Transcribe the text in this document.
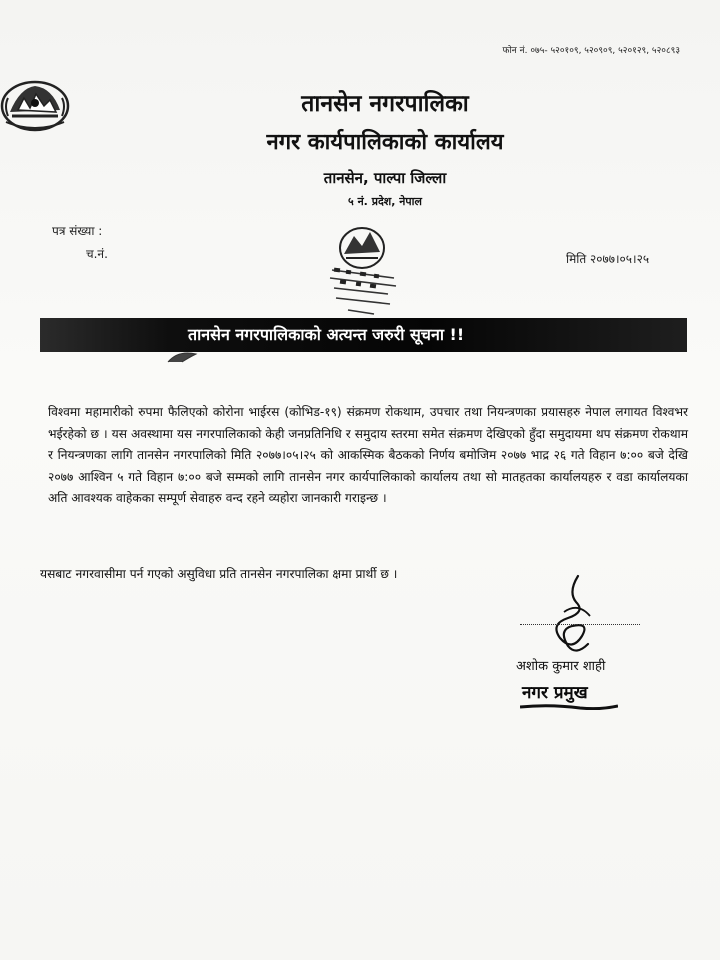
फोन नं. ०७५- ५२०१०९, ५२०९०९, ५२०१२९, ५२०८९३
तानसेन नगरपालिका
नगर कार्यपालिकाको कार्यालय
तानसेन, पाल्पा जिल्ला
५ नं. प्रदेश, नेपाल
पत्र संख्या :
च.नं.	मिति २०७७।०५।२५
तानसेन नगरपालिकाको अत्यन्त जरुरी सूचना !!
विश्वमा महामारीको रुपमा फैलिएको कोरोना भाईरस (कोभिड-१९) संक्रमण रोकथाम, उपचार तथा नियन्त्रणका प्रयासहरु नेपाल लगायत विश्वभर भईरहेको छ । यस अवस्थामा यस नगरपालिकाको केही जनप्रतिनिधि र समुदाय स्तरमा समेत संक्रमण देखिएको हुँदा समुदायमा थप संक्रमण रोकथाम र नियन्त्रणका लागि तानसेन नगरपालिको मिति २०७७।०५।२५ को आकस्मिक बैठकको निर्णय बमोजिम २०७७ भाद्र २६ गते विहान ७:०० बजे देखि २०७७ आश्विन ५ गते विहान ७:०० बजे सम्मको लागि तानसेन नगर कार्यपालिकाको कार्यालय तथा सो मातहतका कार्यालयहरु र वडा कार्यालयका अति आवश्यक वाहेकका सम्पूर्ण सेवाहरु वन्द रहने व्यहोरा जानकारी गराइन्छ ।
यसबाट नगरवासीमा पर्न गएको असुविधा प्रति तानसेन नगरपालिका क्षमा प्रार्थी छ ।
अशोक कुमार शाही
नगर प्रमुख
